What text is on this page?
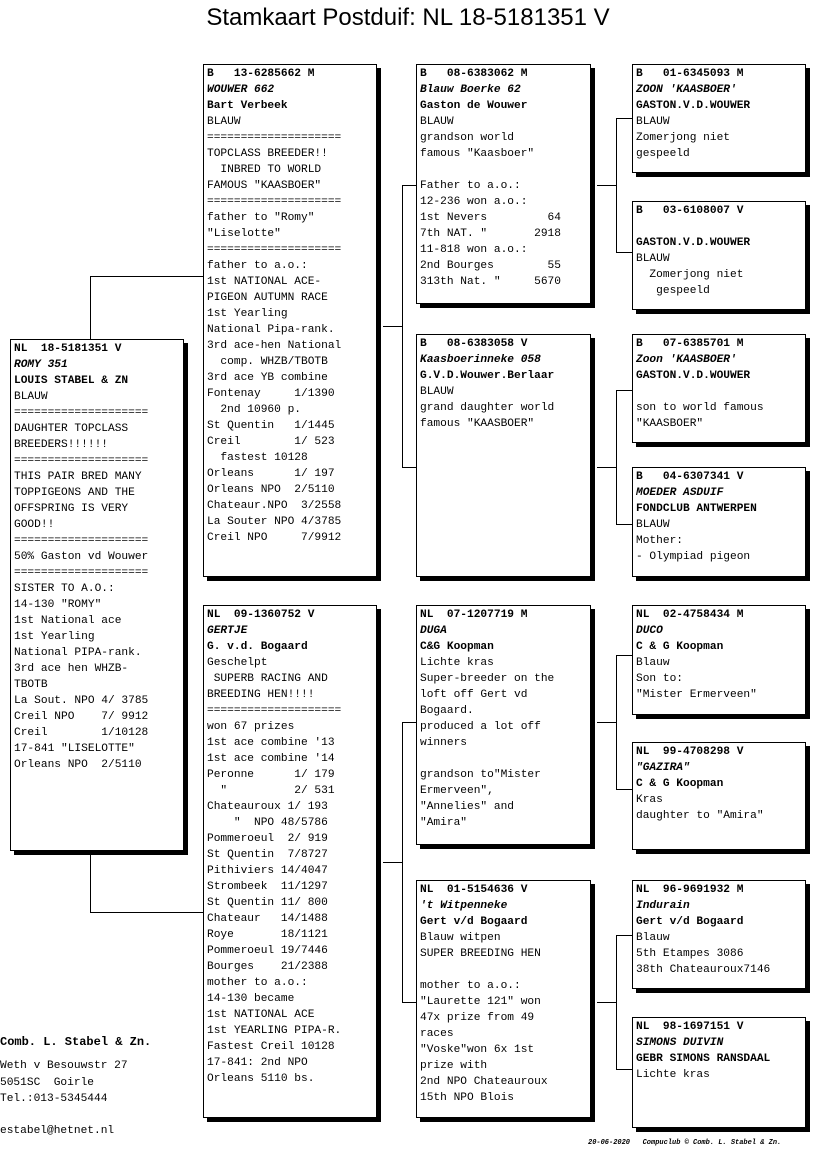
Stamkaart Postduif: NL 18-5181351 V
NL  18-5181351 V
ROMY 351
LOUIS STABEL & ZN
BLAUW
====================
DAUGHTER TOPCLASS
BREEDERS!!!!!!
====================
THIS PAIR BRED MANY
TOPPIGEONS AND THE
OFFSPRING IS VERY
GOOD!!
====================
50% Gaston vd Wouwer
====================
SISTER TO A.O.:
14-130 "ROMY"
1st National ace
1st Yearling
National PIPA-rank.
3rd ace hen WHZB-
TBOTB
La Sout. NPO 4/ 3785
Creil NPO    7/ 9912
Creil        1/10128
17-841 "LISELOTTE"
Orleans NPO  2/5110
B   13-6285662 M
WOUWER 662
Bart Verbeek
BLAUW
====================
TOPCLASS BREEDER!!
INBRED TO WORLD
FAMOUS "KAASBOER"
====================
father to "Romy"
"Liselotte"
====================
father to a.o.:
1st NATIONAL ACE-
PIGEON AUTUMN RACE
1st Yearling
National Pipa-rank.
3rd ace-hen National
comp. WHZB/TBOTB
3rd ace YB combine
Fontenay     1/1390
2nd 10960 p.
St Quentin   1/1445
Creil        1/ 523
fastest 10128
Orleans      1/ 197
Orleans NPO  2/5110
Chateaur.NPO  3/2558
La Souter NPO 4/3785
Creil NPO     7/9912
NL  09-1360752 V
GERTJE
G. v.d. Bogaard
Geschelpt
SUPERB RACING AND
BREEDING HEN!!!!
====================
won 67 prizes
1st ace combine '13
1st ace combine '14
Peronne      1/ 179
"          2/ 531
Chateauroux 1/ 193
"  NPO 48/5786
Pommeroeul  2/ 919
St Quentin  7/8727
Pithiviers 14/4047
Strombeek  11/1297
St Quentin 11/ 800
Chateaur   14/1488
Roye       18/1121
Pommeroeul 19/7446
Bourges    21/2388
mother to a.o.:
14-130 became
1st NATIONAL ACE
1st YEARLING PIPA-R.
Fastest Creil 10128
17-841: 2nd NPO
Orleans 5110 bs.
B   08-6383062 M
Blauw Boerke 62
Gaston de Wouwer
BLAUW
grandson world
famous "Kaasboer"
Father to a.o.:
12-236 won a.o.:
1st Nevers         64
7th NAT. "       2918
11-818 won a.o.:
2nd Bourges        55
313th Nat. "     5670
B   08-6383058 V
Kaasboerinneke 058
G.V.D.Wouwer.Berlaar
BLAUW
grand daughter world
famous "KAASBOER"
NL  07-1207719 M
DUGA
C&G Koopman
Lichte kras
Super-breeder on the
loft off Gert vd
Bogaard.
produced a lot off
winners
grandson to"Mister
Ermerveen",
"Annelies" and
"Amira"
NL  01-5154636 V
't Witpenneke
Gert v/d Bogaard
Blauw witpen
SUPER BREEDING HEN
mother to a.o.:
"Laurette 121" won
47x prize from 49
races
"Voske"won 6x 1st
prize with
2nd NPO Chateauroux
15th NPO Blois
B   01-6345093 M
ZOON 'KAASBOER'
GASTON.V.D.WOUWER
BLAUW
Zomerjong niet
gespeeld
B   03-6108007 V
GASTON.V.D.WOUWER
BLAUW
Zomerjong niet
gespeeld
B   07-6385701 M
Zoon 'KAASBOER'
GASTON.V.D.WOUWER
son to world famous
"KAASBOER"
B   04-6307341 V
MOEDER ASDUIF
FONDCLUB ANTWERPEN
BLAUW
Mother:
- Olympiad pigeon
NL  02-4758434 M
DUCO
C & G Koopman
Blauw
Son to:
"Mister Ermerveen"
NL  99-4708298 V
"GAZIRA"
C & G Koopman
Kras
daughter to "Amira"
NL  96-9691932 M
Indurain
Gert v/d Bogaard
Blauw
5th Etampes 3086
38th Chateauroux7146
NL  98-1697151 V
SIMONS DUIVIN
GEBR SIMONS RANSDAAL
Lichte kras
Comb. L. Stabel & Zn.
Weth v Besouwstr 27
5051SC  Goirle
Tel.:013-5345444
estabel@hetnet.nl
20-06-2020   Compuclub © Comb. L. Stabel & Zn.
